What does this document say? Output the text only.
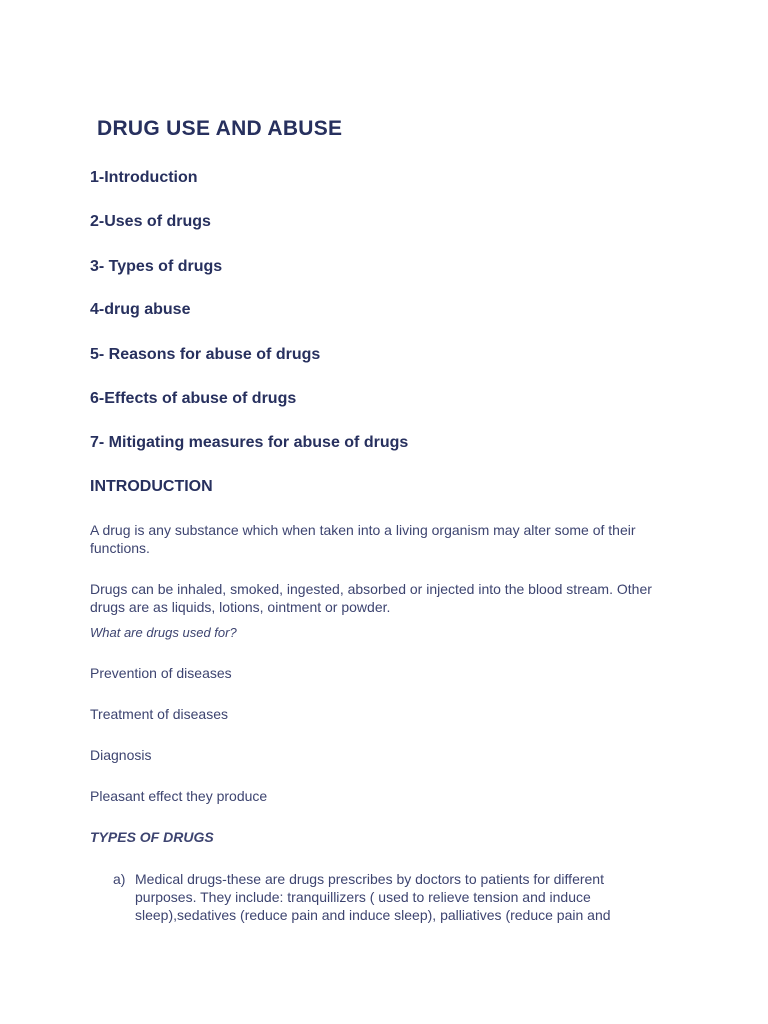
DRUG USE AND ABUSE

1-Introduction

2-Uses of drugs

3- Types of drugs

4-drug abuse

5- Reasons for abuse of drugs

6-Effects of abuse of drugs

7- Mitigating measures for abuse of drugs

INTRODUCTION

A drug is any substance which when taken into a living organism may alter some of their functions.

Drugs can be inhaled, smoked, ingested, absorbed or injected into the blood stream. Other drugs are as liquids, lotions, ointment or powder.

What are drugs used for?

Prevention of diseases

Treatment of diseases

Diagnosis

Pleasant effect they produce

TYPES OF DRUGS
a) Medical drugs-these are drugs prescribes by doctors to patients for different purposes. They include: tranquillizers ( used to relieve tension and induce sleep),sedatives (reduce pain and induce sleep), palliatives (reduce pain and
